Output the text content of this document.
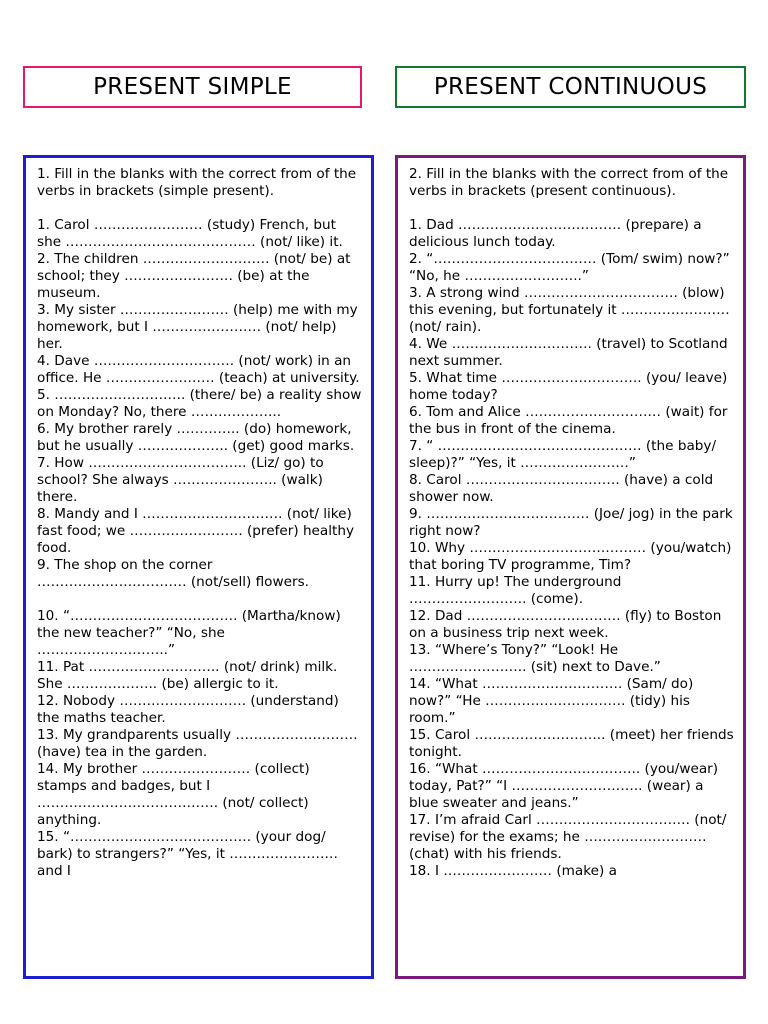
PRESENT SIMPLE	PRESENT CONTINUOUS

1. Fill in the blanks with the correct from of the verbs in brackets (simple present).

1. Carol …………………… (study) French, but she …………………………………… (not/ like) it.

2. The children ………………………. (not/ be) at school; they …………………… (be) at the museum.

3. My sister …………………… (help) me with my homework, but I …………………… (not/ help) her.

4. Dave …………………………. (not/ work) in an office. He …………………… (teach) at university.

5. ……………………….. (there/ be) a reality show on Monday? No, there ………………..

6. My brother rarely ………….. (do) homework, but he usually ……………….. (get) good marks.

7. How …………………………….. (Liz/ go) to school? She always ………………….. (walk) there.

8. Mandy and I …………………………. (not/ like) fast food; we ……………………. (prefer) healthy food.

9. The shop on the corner …………………………… (not/sell) flowers.

10. “………………………………. (Martha/know) the new teacher?” “No, she ………………………..”

11. Pat ……………………….. (not/ drink) milk. She ……………….. (be) allergic to it.

12. Nobody ………………………. (understand) the maths teacher.

13. My grandparents usually ……………………… (have) tea in the garden.

14. My brother …………………… (collect) stamps and badges, but I …………………………………. (not/ collect) anything.

15. “…………………………………. (your dog/ bark) to strangers?” “Yes, it …………………… and I

2. Fill in the blanks with the correct from of the verbs in brackets (present continuous).

1. Dad ……………………………… (prepare) a delicious lunch today.

2. “……………………………… (Tom/ swim) now?” “No, he ……………………..”

3. A strong wind ……………………………. (blow) this evening, but fortunately it …………………… (not/ rain).

4. We …………………………. (travel) to Scotland next summer.

5. What time …………………………. (you/ leave) home today?

6. Tom and Alice ………………………… (wait) for the bus in front of the cinema.

7. “ ……………………………………… (the baby/ sleep)?” “Yes, it ……………………”

8. Carol ……………………………. (have) a cold shower now.

9. ……………………………… (Joe/ jog) in the park right now?

10. Why ………………………………… (you/watch) that boring TV programme, Tim?

11. Hurry up! The underground …………………….. (come).

12. Dad ……………………………. (fly) to Boston  on a business trip next week.

13. “Where’s Tony?” “Look! He …………………….. (sit) next to Dave.”

14. “What …………………………. (Sam/ do) now?” “He …………………………. (tidy) his room.”

15. Carol ……………………….. (meet) her friends tonight.

16. “What …………………………….. (you/wear) today, Pat?” “I ……………………….. (wear) a blue sweater and jeans.”

17. I’m afraid Carl ……………………………. (not/ revise) for the exams; he ……………………… (chat) with his friends.

18. I …………………… (make) a
